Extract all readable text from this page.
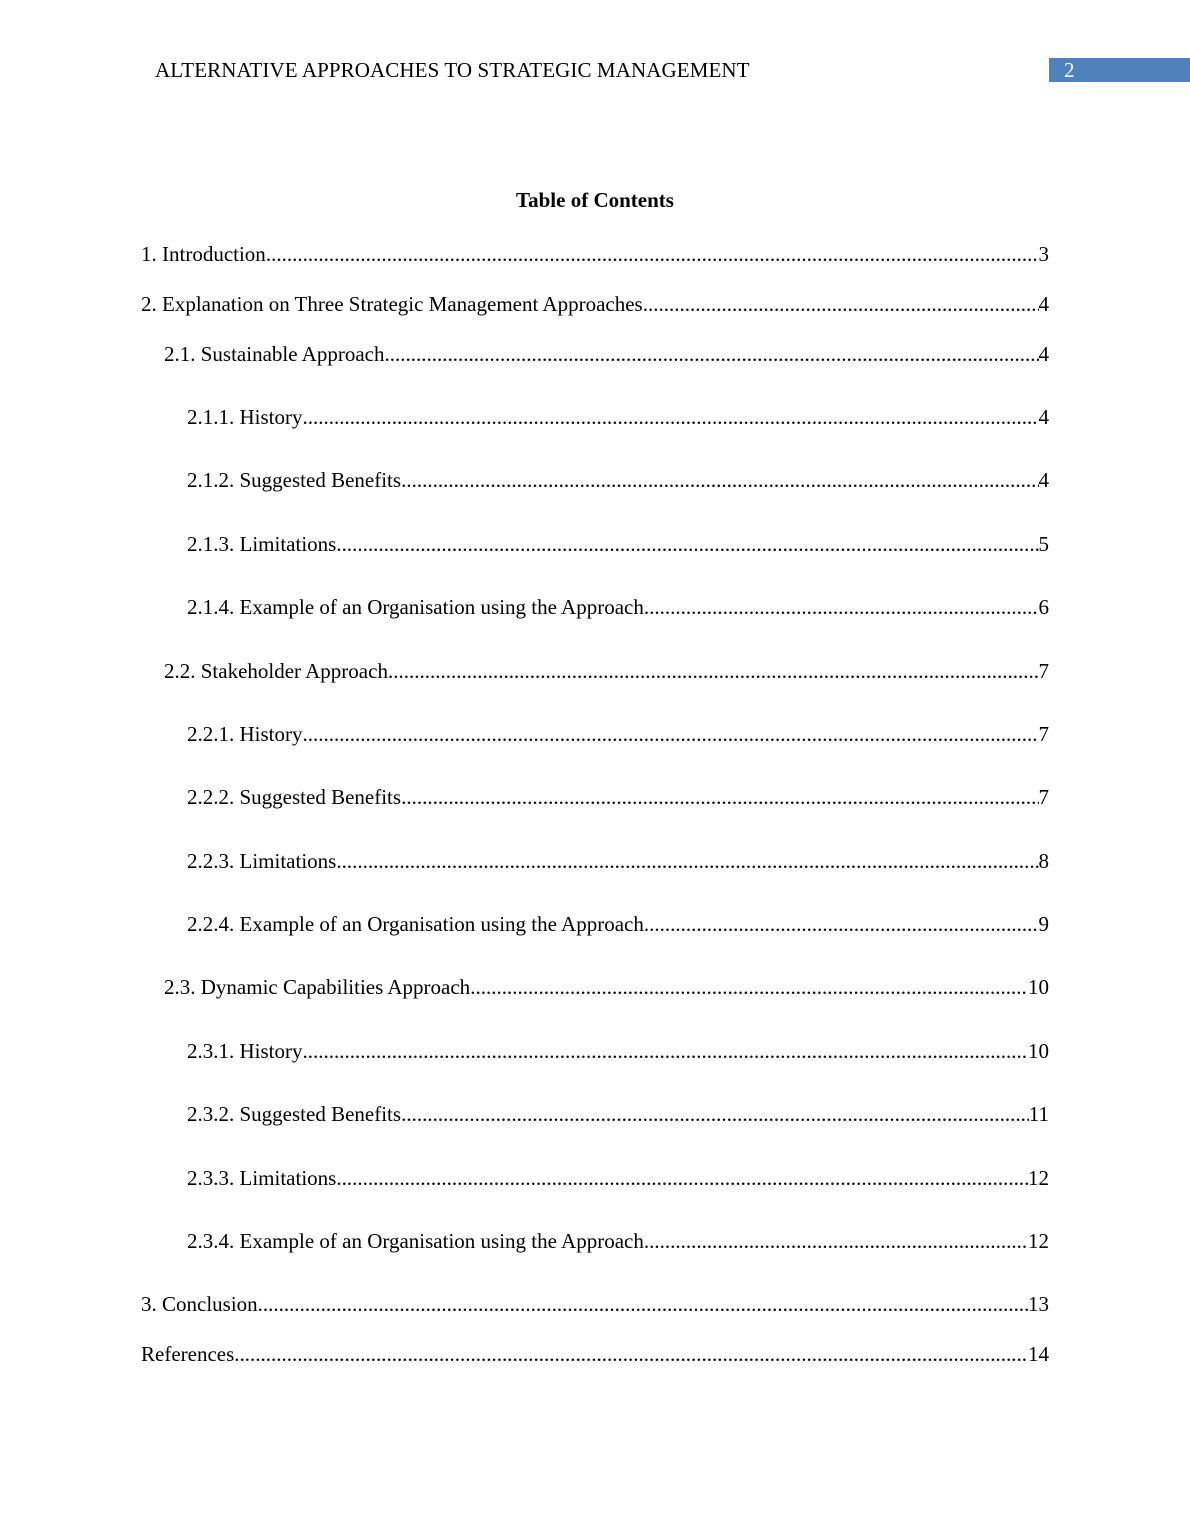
ALTERNATIVE APPROACHES TO STRATEGIC MANAGEMENT	2
Table of Contents
1. Introduction .....	3
2. Explanation on Three Strategic Management Approaches .....	4
2.1. Sustainable Approach .....	4
2.1.1. History .....	4
2.1.2. Suggested Benefits .....	4
2.1.3. Limitations .....	5
2.1.4. Example of an Organisation using the Approach .....	6
2.2. Stakeholder Approach .....	7
2.2.1. History .....	7
2.2.2. Suggested Benefits .....	7
2.2.3. Limitations .....	8
2.2.4. Example of an Organisation using the Approach .....	9
2.3. Dynamic Capabilities Approach .....	10
2.3.1. History .....	10
2.3.2. Suggested Benefits .....	11
2.3.3. Limitations .....	12
2.3.4. Example of an Organisation using the Approach .....	12
3. Conclusion .....	13
References .....	14
